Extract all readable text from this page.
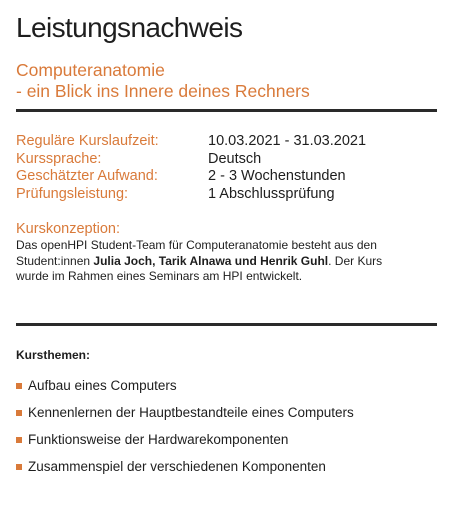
Leistungsnachweis
Computeranatomie
- ein Blick ins Innere deines Rechners
Reguläre Kurslaufzeit:	10.03.2021 - 31.03.2021
Kurssprache:	Deutsch
Geschätzter Aufwand:	2 - 3 Wochenstunden
Prüfungsleistung:	1 Abschlussprüfung
Kurskonzeption:
Das openHPI Student-Team für Computeranatomie besteht aus den
Student:innen Julia Joch, Tarik Alnawa und Henrik Guhl. Der Kurs
wurde im Rahmen eines Seminars am HPI entwickelt.
Kursthemen:
Aufbau eines Computers
Kennenlernen der Hauptbestandteile eines Computers
Funktionsweise der Hardwarekomponenten
Zusammenspiel der verschiedenen Komponenten
